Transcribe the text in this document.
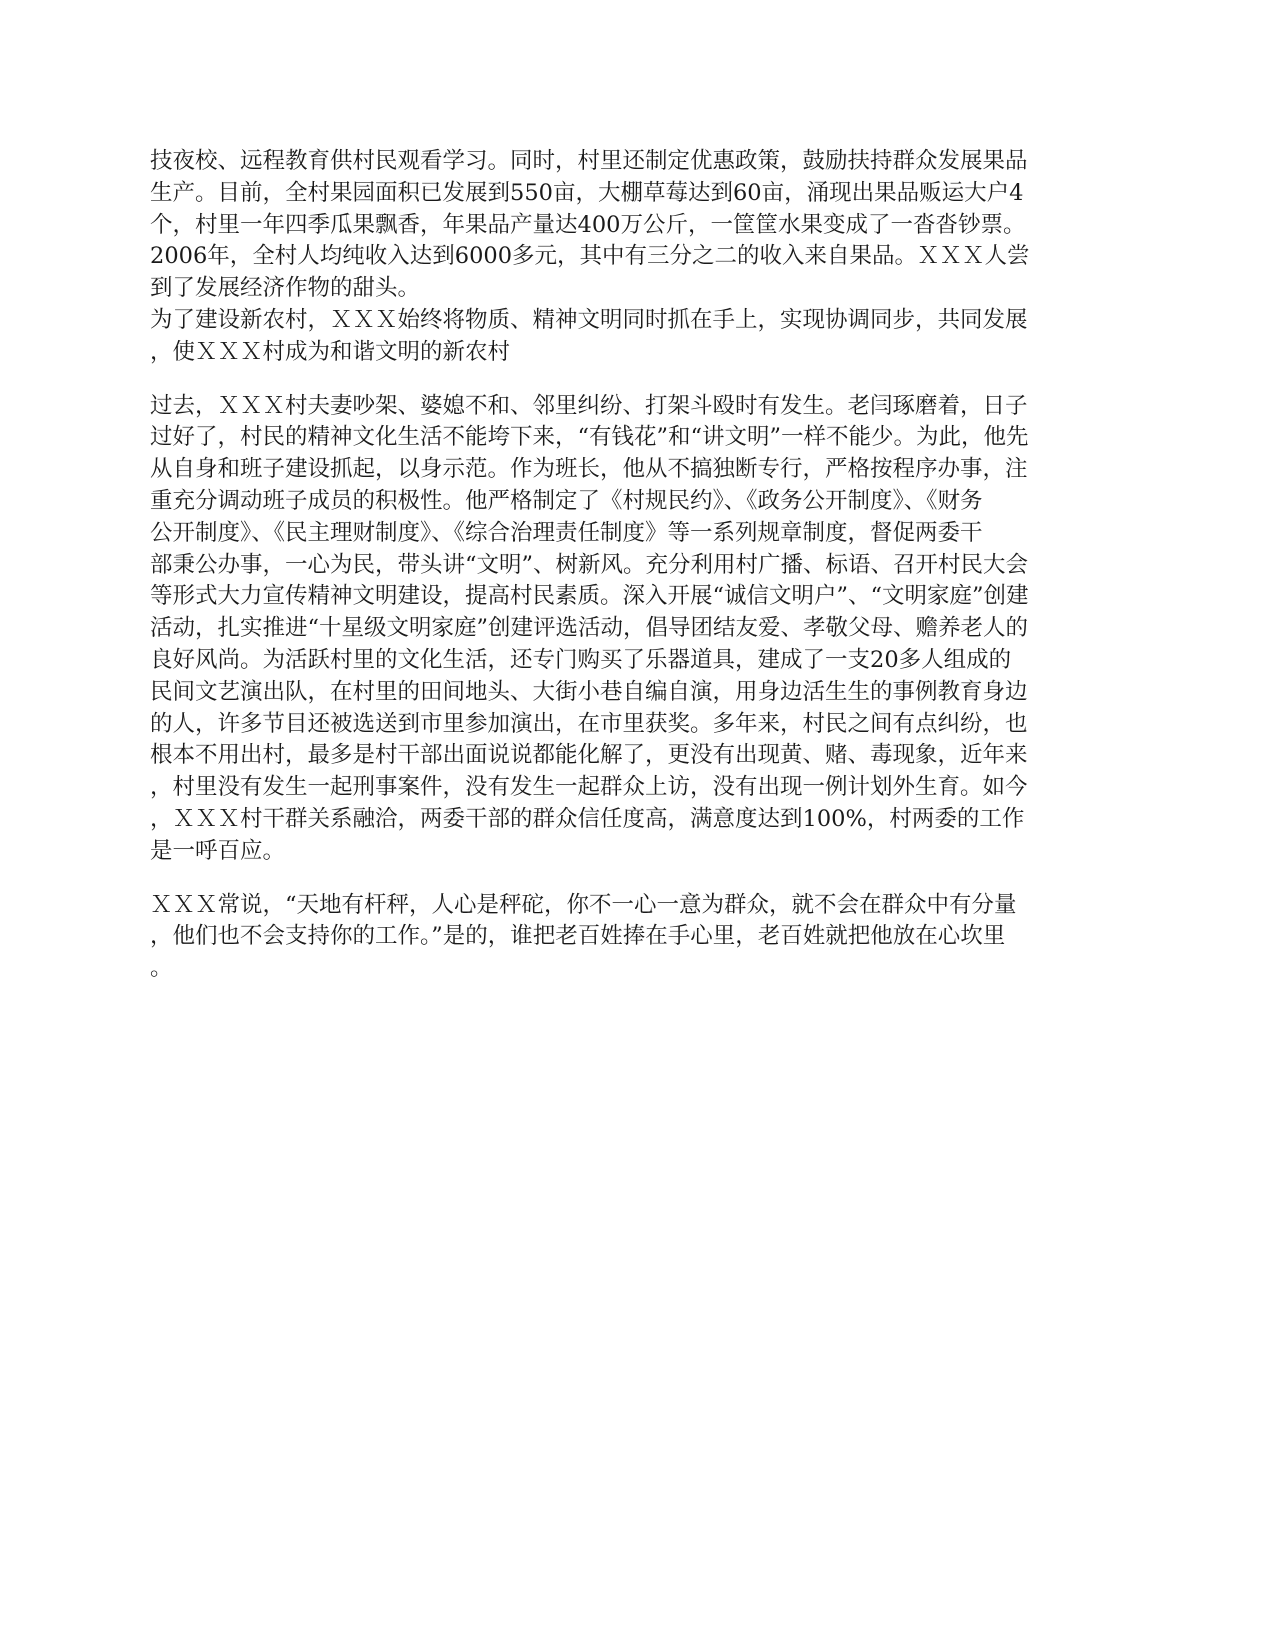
技夜校、远程教育供村民观看学习。同时，村里还制定优惠政策，鼓励扶持群众发展果品
生产。目前，全村果园面积已发展到550亩，大棚草莓达到60亩，涌现出果品贩运大户4
个，村里一年四季瓜果飘香，年果品产量达400万公斤，一筐筐水果变成了一沓沓钞票。
2006年，全村人均纯收入达到6000多元，其中有三分之二的收入来自果品。ＸＸＸ人尝
到了发展经济作物的甜头。
为了建设新农村，ＸＸＸ始终将物质、精神文明同时抓在手上，实现协调同步，共同发展
，使ＸＸＸ村成为和谐文明的新农村
过去，ＸＸＸ村夫妻吵架、婆媳不和、邻里纠纷、打架斗殴时有发生。老闫琢磨着，日子
过好了，村民的精神文化生活不能垮下来，“有钱花”和“讲文明”一样不能少。为此，他先
从自身和班子建设抓起，以身示范。作为班长，他从不搞独断专行，严格按程序办事，注
重充分调动班子成员的积极性。他严格制定了《村规民约》、《政务公开制度》、《财务
公开制度》、《民主理财制度》、《综合治理责任制度》等一系列规章制度，督促两委干
部秉公办事，一心为民，带头讲“文明”、树新风。充分利用村广播、标语、召开村民大会
等形式大力宣传精神文明建设，提高村民素质。深入开展“诚信文明户”、“文明家庭”创建
活动，扎实推进“十星级文明家庭”创建评选活动，倡导团结友爱、孝敬父母、赡养老人的
良好风尚。为活跃村里的文化生活，还专门购买了乐器道具，建成了一支20多人组成的
民间文艺演出队，在村里的田间地头、大街小巷自编自演，用身边活生生的事例教育身边
的人，许多节目还被选送到市里参加演出，在市里获奖。多年来，村民之间有点纠纷，也
根本不用出村，最多是村干部出面说说都能化解了，更没有出现黄、赌、毒现象，近年来
，村里没有发生一起刑事案件，没有发生一起群众上访，没有出现一例计划外生育。如今
，ＸＸＸ村干群关系融洽，两委干部的群众信任度高，满意度达到100%，村两委的工作
是一呼百应。
ＸＸＸ常说，“天地有杆秤，人心是秤砣，你不一心一意为群众，就不会在群众中有分量
，他们也不会支持你的工作。”是的，谁把老百姓捧在手心里，老百姓就把他放在心坎里
。
